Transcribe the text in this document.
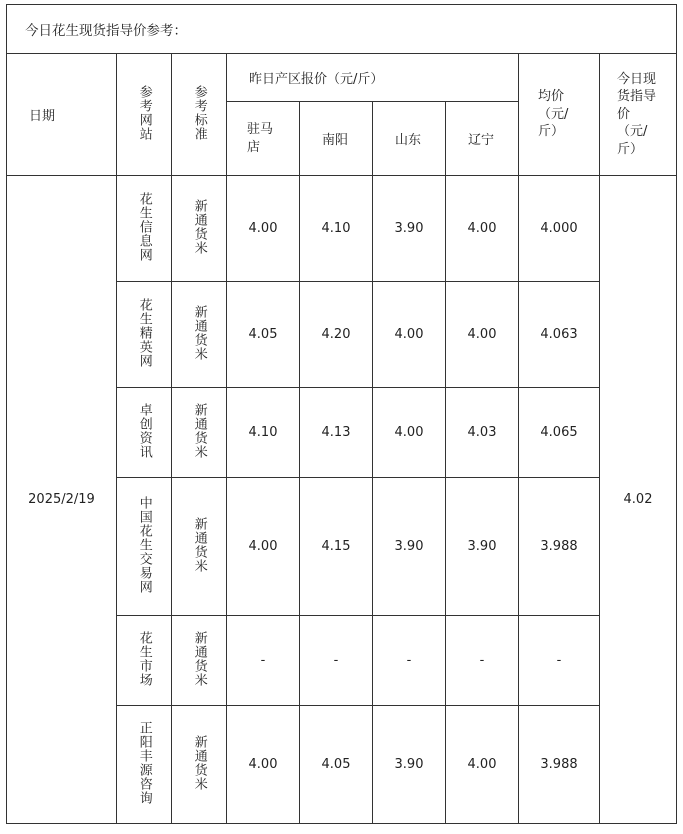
今日花生现货指导价参考：								
日期	参考网站	参考标准	昨日产区报价（元/斤）				均价（元/斤）	今日现货指导价（元/斤）
			驻马店	南阳	山东	辽宁		
2025/2/19	花生信息网	新通货米	4.00	4.10	3.90	4.00	4.000	4.02
	花生精英网	新通货米	4.05	4.20	4.00	4.00	4.063	
	卓创资讯	新通货米	4.10	4.13	4.00	4.03	4.065	
	中国花生交易网	新通货米	4.00	4.15	3.90	3.90	3.988	
	花生市场	新通货米	-	-	-	-	-	
	正阳丰源咨询	新通货米	4.00	4.05	3.90	4.00	3.988	
